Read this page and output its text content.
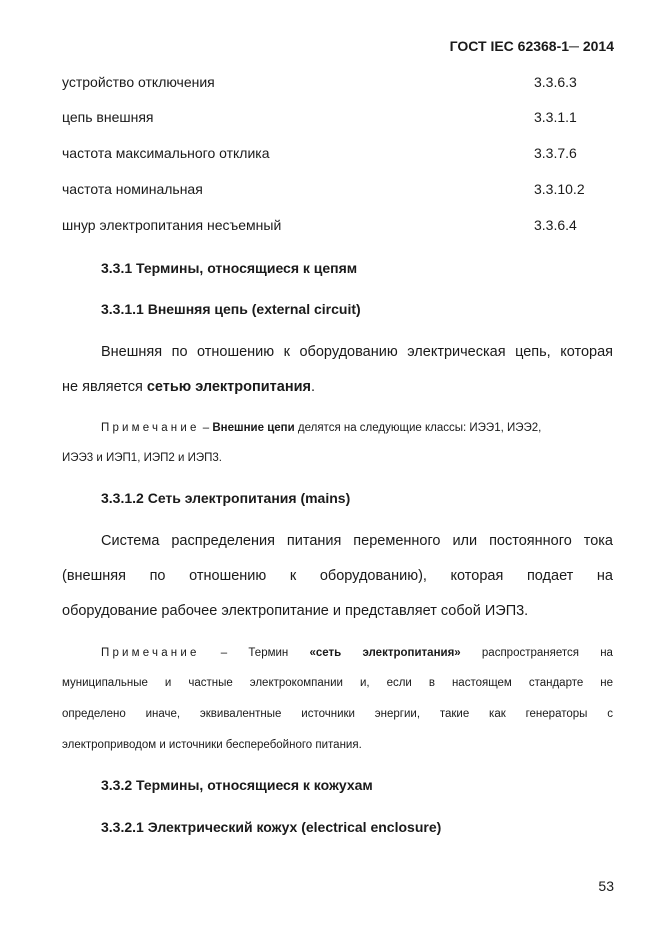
ГОСТ IEC 62368-1─ 2014
устройство отключения	3.3.6.3
цепь внешняя	3.3.1.1
частота максимального отклика	3.3.7.6
частота номинальная	3.3.10.2
шнур электропитания несъемный	3.3.6.4
3.3.1 Термины, относящиеся к цепям
3.3.1.1 Внешняя цепь (external circuit)
Внешняя по отношению к оборудованию электрическая цепь, которая
не является сетью электропитания.
Примечание – Внешние цепи делятся на следующие классы: ИЭЭ1, ИЭЭ2,
ИЭЭ3 и ИЭП1, ИЭП2 и ИЭП3.
3.3.1.2 Сеть электропитания (mains)
Система распределения питания переменного или постоянного тока
(внешняя по отношению к оборудованию), которая подает на
оборудование рабочее электропитание и представляет собой ИЭП3.
Примечание – Термин «сеть электропитания» распространяется на
муниципальные и частные электрокомпании и, если в настоящем стандарте не
определено иначе, эквивалентные источники энергии, такие как генераторы с
электроприводом и источники бесперебойного питания.
3.3.2 Термины, относящиеся к кожухам
3.3.2.1 Электрический кожух (electrical enclosure)
53
